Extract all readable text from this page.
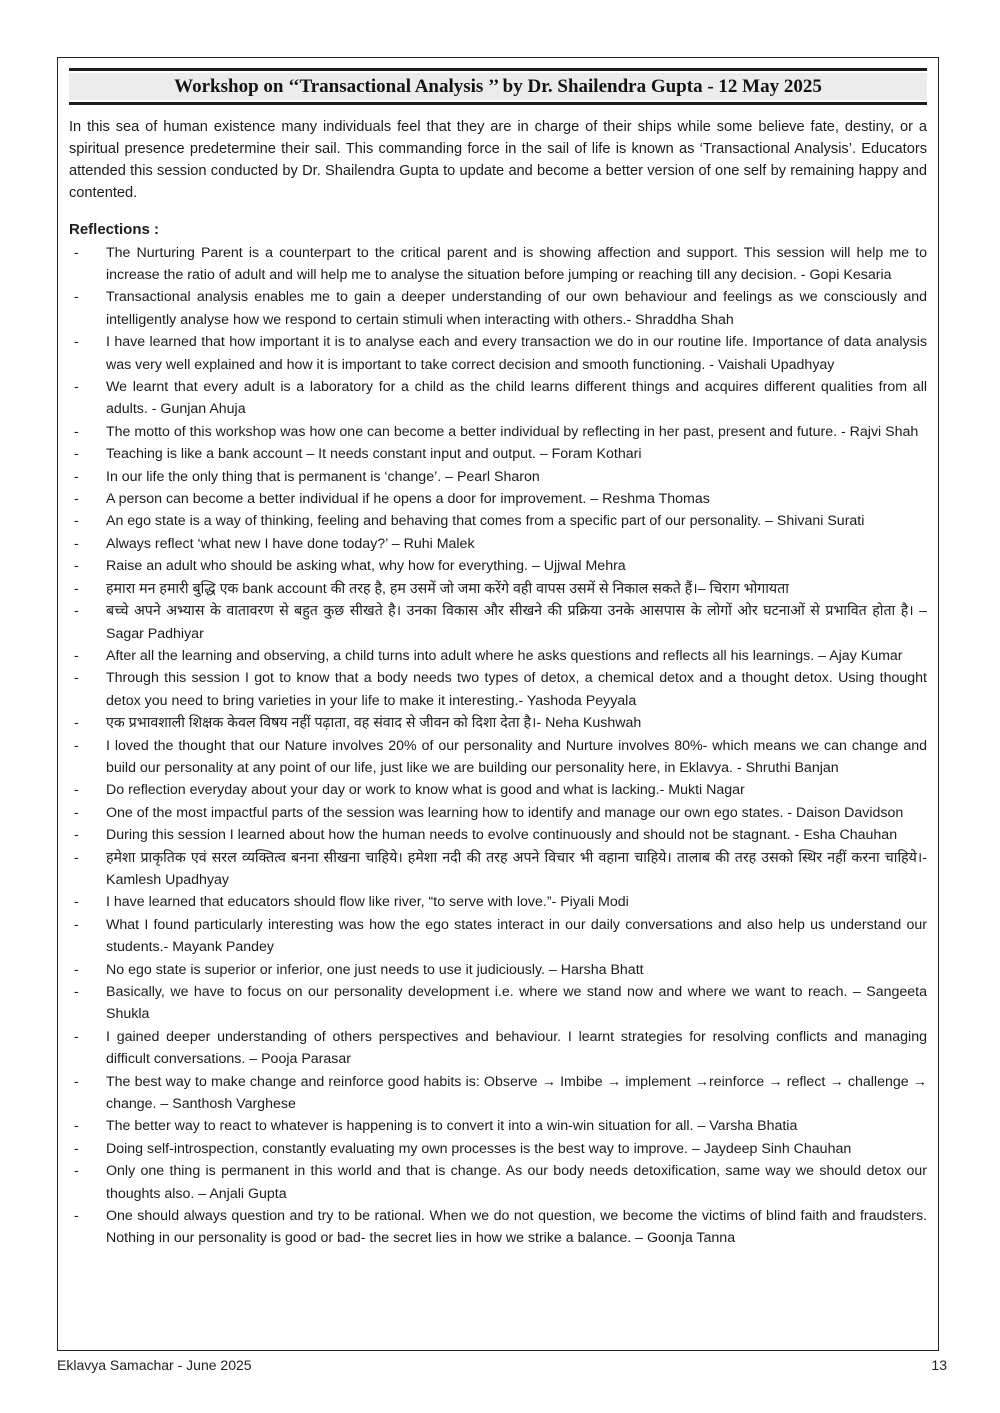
Workshop on ‘‘Transactional Analysis ’’ by Dr. Shailendra Gupta - 12 May 2025

In this sea of human existence many individuals feel that they are in charge of their ships while some believe fate, destiny, or a spiritual presence predetermine their sail. This commanding force in the sail of life is known as ‘Transactional Analysis’. Educators attended this session conducted by Dr. Shailendra Gupta to update and become a better version of one self by remaining happy and contented.

Reflections :
-	The Nurturing Parent is a counterpart to the critical parent and is showing affection and support. This session will help me to increase the ratio of adult and will help me to analyse the situation before jumping or reaching till any decision. - Gopi Kesaria
-	Transactional analysis enables me to gain a deeper understanding of our own behaviour and feelings as we consciously and intelligently analyse how we respond to certain stimuli when interacting with others.- Shraddha Shah
-	I have learned that how important it is to analyse each and every transaction we do in our routine life. Importance of data analysis was very well explained and how it is important to take correct decision and smooth functioning. - Vaishali Upadhyay
-	We learnt that every adult is a laboratory for a child as the child learns different things and acquires different qualities from all adults. - Gunjan Ahuja
-	The motto of this workshop was how one can become a better individual by reflecting in her past, present and future. - Rajvi Shah
-	Teaching is like a bank account – It needs constant input and output. – Foram Kothari
-	In our life the only thing that is permanent is ‘change’. – Pearl Sharon
-	A person can become a better individual if he opens a door for improvement. – Reshma Thomas
-	An ego state is a way of thinking, feeling and behaving that comes from a specific part of our personality. – Shivani Surati
-	Always reflect ‘what new I have done today?’ – Ruhi Malek
-	Raise an adult who should be asking what, why how for everything. – Ujjwal Mehra
-	हमारा मन हमारी बुद्धि एक bank account की तरह है, हम उसमें जो जमा करेंगे वही वापस उसमें से निकाल सकते हैं।– चिराग भोगायता
-	बच्चे अपने अभ्यास के वातावरण से बहुत कुछ सीखते है। उनका विकास और सीखने की प्रक्रिया उनके आसपास के लोगों ओर घटनाओं से प्रभावित होता है। – Sagar Padhiyar
-	After all the learning and observing, a child turns into adult where he asks questions and reflects all his learnings. – Ajay Kumar
-	Through this session I got to know that a body needs two types of detox, a chemical detox and a thought detox. Using thought detox you need to bring varieties in your life to make it interesting.- Yashoda Peyyala
-	एक प्रभावशाली शिक्षक केवल विषय नहीं पढ़ाता, वह संवाद से जीवन को दिशा देता है।- Neha Kushwah
-	I loved the thought that our Nature involves 20% of our personality and Nurture involves 80%- which means we can change and build our personality at any point of our life, just like we are building our personality here, in Eklavya. - Shruthi Banjan
-	Do reflection everyday about your day or work to know what is good and what is lacking.- Mukti Nagar
-	One of the most impactful parts of the session was learning how to identify and manage our own ego states. - Daison Davidson
-	During this session I learned about how the human needs to evolve continuously and should not be stagnant. - Esha Chauhan
-	हमेशा प्राकृतिक एवं सरल व्यक्तित्व बनना सीखना चाहिये। हमेशा नदी की तरह अपने विचार भी वहाना चाहिये। तालाब की तरह उसको स्थिर नहीं करना चाहिये।- Kamlesh Upadhyay
-	I have learned that educators should flow like river, “to serve with love.”- Piyali Modi
-	What I found particularly interesting was how the ego states interact in our daily conversations and also help us understand our students.- Mayank Pandey
-	No ego state is superior or inferior, one just needs to use it judiciously. – Harsha Bhatt
-	Basically, we have to focus on our personality development i.e. where we stand now and where we want to reach. – Sangeeta Shukla
-	I gained deeper understanding of others perspectives and behaviour. I learnt strategies for resolving conflicts and managing difficult conversations. – Pooja Parasar
-	The best way to make change and reinforce good habits is: Observe → Imbibe → implement →reinforce → reflect → challenge → change. – Santhosh Varghese
-	The better way to react to whatever is happening is to convert it into a win-win situation for all. – Varsha Bhatia
-	Doing self-introspection, constantly evaluating my own processes is the best way to improve. – Jaydeep Sinh Chauhan
-	Only one thing is permanent in this world and that is change. As our body needs detoxification, same way we should detox our thoughts also. – Anjali Gupta
-	One should always question and try to be rational. When we do not question, we become the victims of blind faith and fraudsters. Nothing in our personality is good or bad- the secret lies in how we strike a balance. – Goonja Tanna
Eklavya Samachar - June 2025	13
